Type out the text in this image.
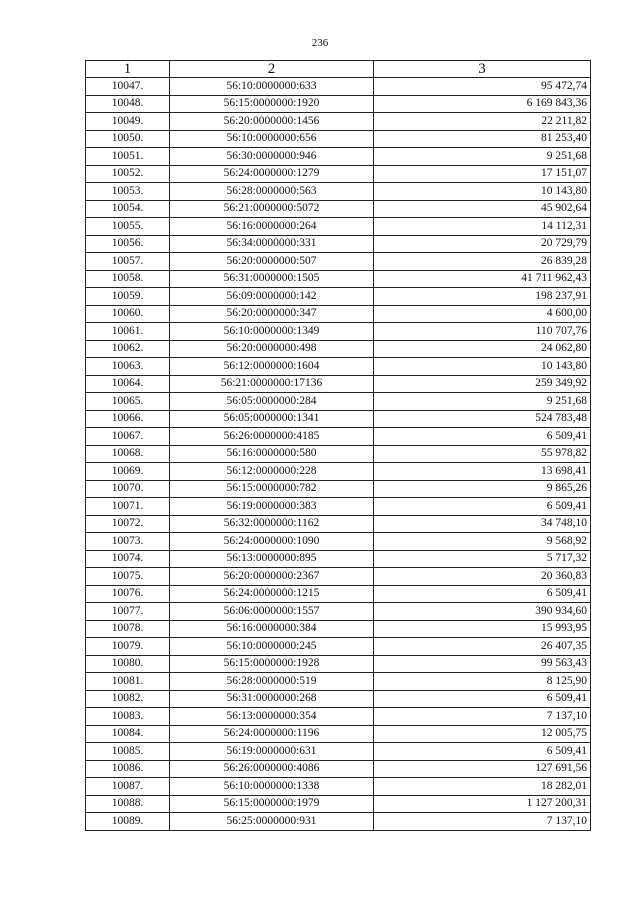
236
1	2	3
10047.	56:10:0000000:633	95 472,74
10048.	56:15:0000000:1920	6 169 843,36
10049.	56:20:0000000:1456	22 211,82
10050.	56:10:0000000:656	81 253,40
10051.	56:30:0000000:946	9 251,68
10052.	56:24:0000000:1279	17 151,07
10053.	56:28:0000000:563	10 143,80
10054.	56:21:0000000:5072	45 902,64
10055.	56:16:0000000:264	14 112,31
10056.	56:34:0000000:331	20 729,79
10057.	56:20:0000000:507	26 839,28
10058.	56:31:0000000:1505	41 711 962,43
10059.	56:09:0000000:142	198 237,91
10060.	56:20:0000000:347	4 600,00
10061.	56:10:0000000:1349	110 707,76
10062.	56:20:0000000:498	24 062,80
10063.	56:12:0000000:1604	10 143,80
10064.	56:21:0000000:17136	259 349,92
10065.	56:05:0000000:284	9 251,68
10066.	56:05:0000000:1341	524 783,48
10067.	56:26:0000000:4185	6 509,41
10068.	56:16:0000000:580	55 978,82
10069.	56:12:0000000:228	13 698,41
10070.	56:15:0000000:782	9 865,26
10071.	56:19:0000000:383	6 509,41
10072.	56:32:0000000:1162	34 748,10
10073.	56:24:0000000:1090	9 568,92
10074.	56:13:0000000:895	5 717,32
10075.	56:20:0000000:2367	20 360,83
10076.	56:24:0000000:1215	6 509,41
10077.	56:06:0000000:1557	390 934,60
10078.	56:16:0000000:384	15 993,95
10079.	56:10:0000000:245	26 407,35
10080.	56:15:0000000:1928	99 563,43
10081.	56:28:0000000:519	8 125,90
10082.	56:31:0000000:268	6 509,41
10083.	56:13:0000000:354	7 137,10
10084.	56:24:0000000:1196	12 005,75
10085.	56:19:0000000:631	6 509,41
10086.	56:26:0000000:4086	127 691,56
10087.	56:10:0000000:1338	18 282,01
10088.	56:15:0000000:1979	1 127 200,31
10089.	56:25:0000000:931	7 137,10
